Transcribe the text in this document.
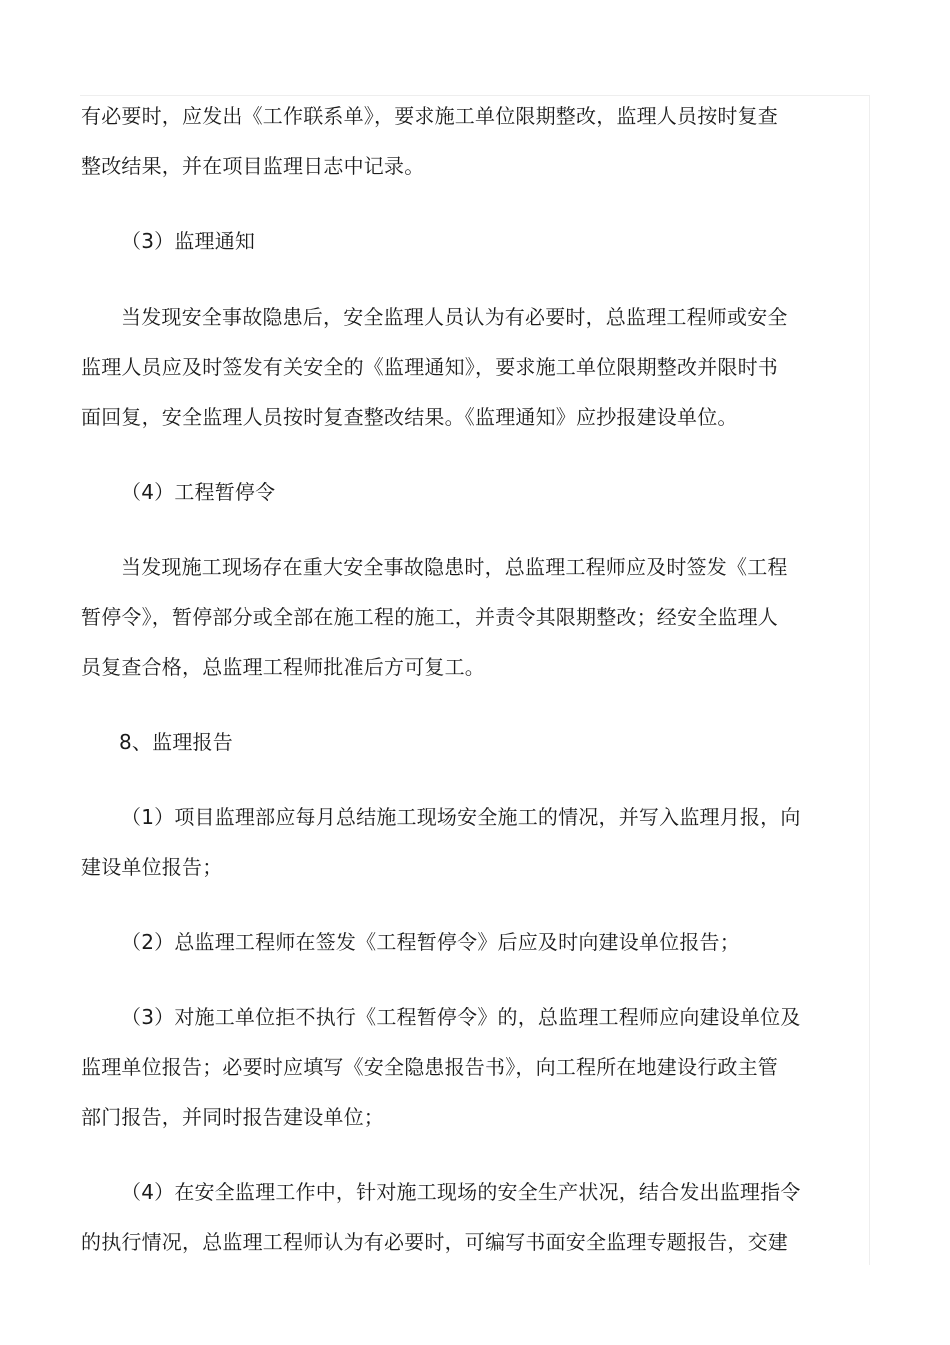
有必要时，应发出《工作联系单》，要求施工单位限期整改，监理人员按时复查
整改结果，并在项目监理日志中记录。
（3）监理通知
当发现安全事故隐患后，安全监理人员认为有必要时，总监理工程师或安全
监理人员应及时签发有关安全的《监理通知》，要求施工单位限期整改并限时书
面回复，安全监理人员按时复查整改结果。《监理通知》应抄报建设单位。
（4）工程暂停令
当发现施工现场存在重大安全事故隐患时，总监理工程师应及时签发《工程
暂停令》，暂停部分或全部在施工程的施工，并责令其限期整改；经安全监理人
员复查合格，总监理工程师批准后方可复工。
8、监理报告
（1）项目监理部应每月总结施工现场安全施工的情况，并写入监理月报，向
建设单位报告；
（2）总监理工程师在签发《工程暂停令》后应及时向建设单位报告；
（3）对施工单位拒不执行《工程暂停令》的，总监理工程师应向建设单位及
监理单位报告；必要时应填写《安全隐患报告书》，向工程所在地建设行政主管
部门报告，并同时报告建设单位；
（4）在安全监理工作中，针对施工现场的安全生产状况，结合发出监理指令
的执行情况，总监理工程师认为有必要时，可编写书面安全监理专题报告，交建
